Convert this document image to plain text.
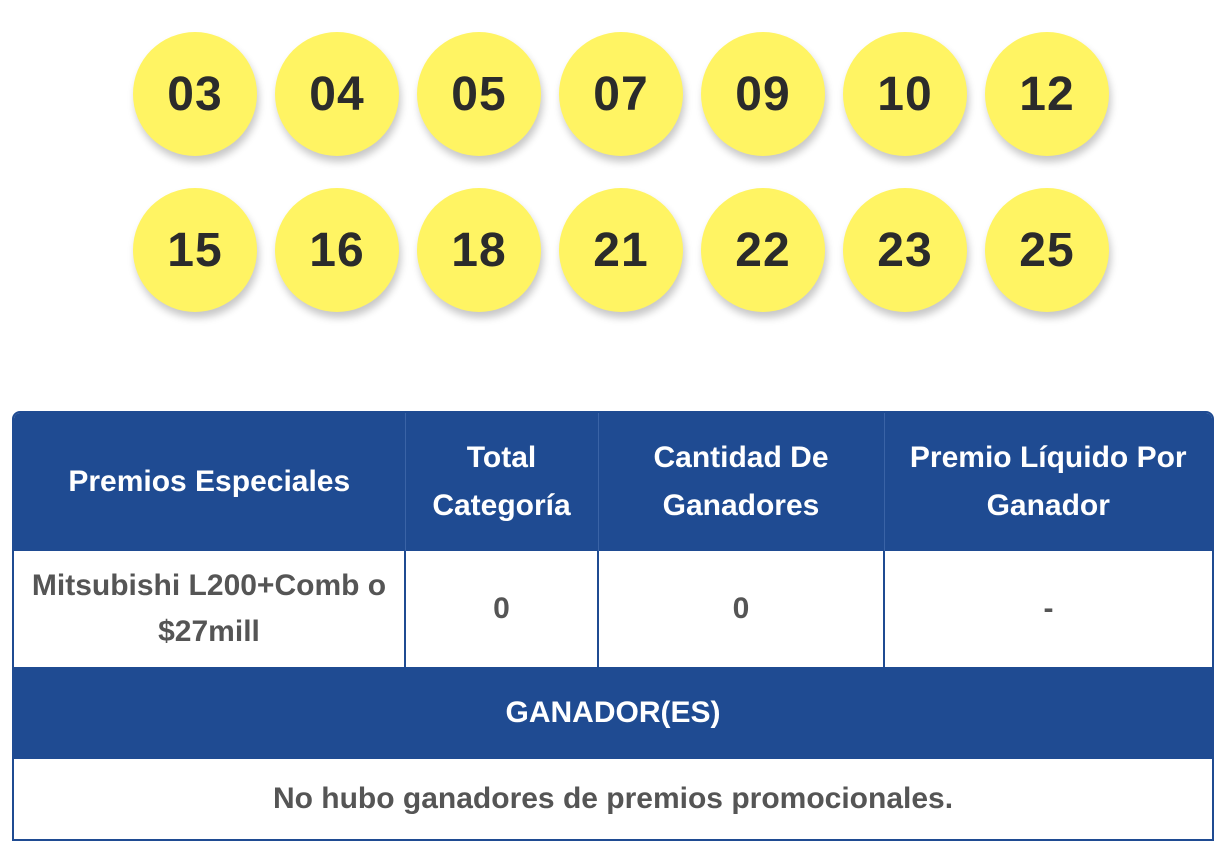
03	04	05	07	09	10	12
15	16	18	21	22	23	25
Premios Especiales	Total Categoría	Cantidad De Ganadores	Premio Líquido Por Ganador
Mitsubishi L200+Comb o $27mill	0	0	-
GANADOR(ES)			
No hubo ganadores de premios promocionales.			
